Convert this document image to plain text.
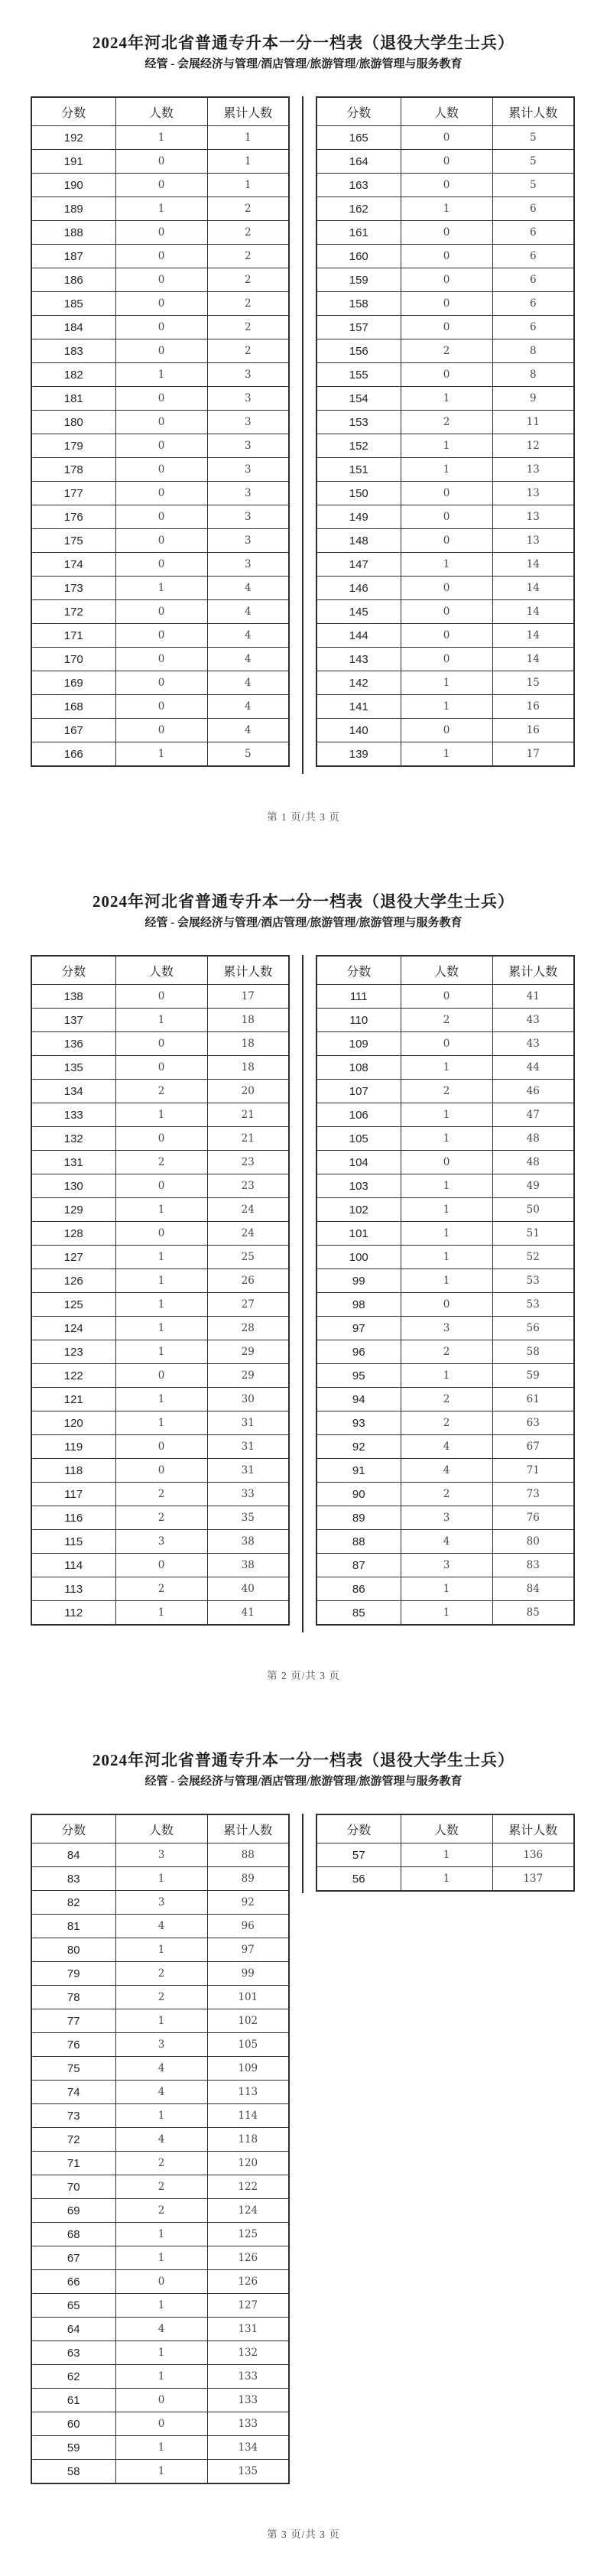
2024年河北省普通专升本一分一档表（退役大学生士兵）
经管 - 会展经济与管理/酒店管理/旅游管理/旅游管理与服务教育
分数	人数	累计人数
192	1	1
191	0	1
190	0	1
189	1	2
188	0	2
187	0	2
186	0	2
185	0	2
184	0	2
183	0	2
182	1	3
181	0	3
180	0	3
179	0	3
178	0	3
177	0	3
176	0	3
175	0	3
174	0	3
173	1	4
172	0	4
171	0	4
170	0	4
169	0	4
168	0	4
167	0	4
166	1	5
分数	人数	累计人数
165	0	5
164	0	5
163	0	5
162	1	6
161	0	6
160	0	6
159	0	6
158	0	6
157	0	6
156	2	8
155	0	8
154	1	9
153	2	11
152	1	12
151	1	13
150	0	13
149	0	13
148	0	13
147	1	14
146	0	14
145	0	14
144	0	14
143	0	14
142	1	15
141	1	16
140	0	16
139	1	17
第 1 页/共 3 页
2024年河北省普通专升本一分一档表（退役大学生士兵）
经管 - 会展经济与管理/酒店管理/旅游管理/旅游管理与服务教育
分数	人数	累计人数
138	0	17
137	1	18
136	0	18
135	0	18
134	2	20
133	1	21
132	0	21
131	2	23
130	0	23
129	1	24
128	0	24
127	1	25
126	1	26
125	1	27
124	1	28
123	1	29
122	0	29
121	1	30
120	1	31
119	0	31
118	0	31
117	2	33
116	2	35
115	3	38
114	0	38
113	2	40
112	1	41
分数	人数	累计人数
111	0	41
110	2	43
109	0	43
108	1	44
107	2	46
106	1	47
105	1	48
104	0	48
103	1	49
102	1	50
101	1	51
100	1	52
99	1	53
98	0	53
97	3	56
96	2	58
95	1	59
94	2	61
93	2	63
92	4	67
91	4	71
90	2	73
89	3	76
88	4	80
87	3	83
86	1	84
85	1	85
第 2 页/共 3 页
2024年河北省普通专升本一分一档表（退役大学生士兵）
经管 - 会展经济与管理/酒店管理/旅游管理/旅游管理与服务教育
分数	人数	累计人数
84	3	88
83	1	89
82	3	92
81	4	96
80	1	97
79	2	99
78	2	101
77	1	102
76	3	105
75	4	109
74	4	113
73	1	114
72	4	118
71	2	120
70	2	122
69	2	124
68	1	125
67	1	126
66	0	126
65	1	127
64	4	131
63	1	132
62	1	133
61	0	133
60	0	133
59	1	134
58	1	135
分数	人数	累计人数
57	1	136
56	1	137
第 3 页/共 3 页
